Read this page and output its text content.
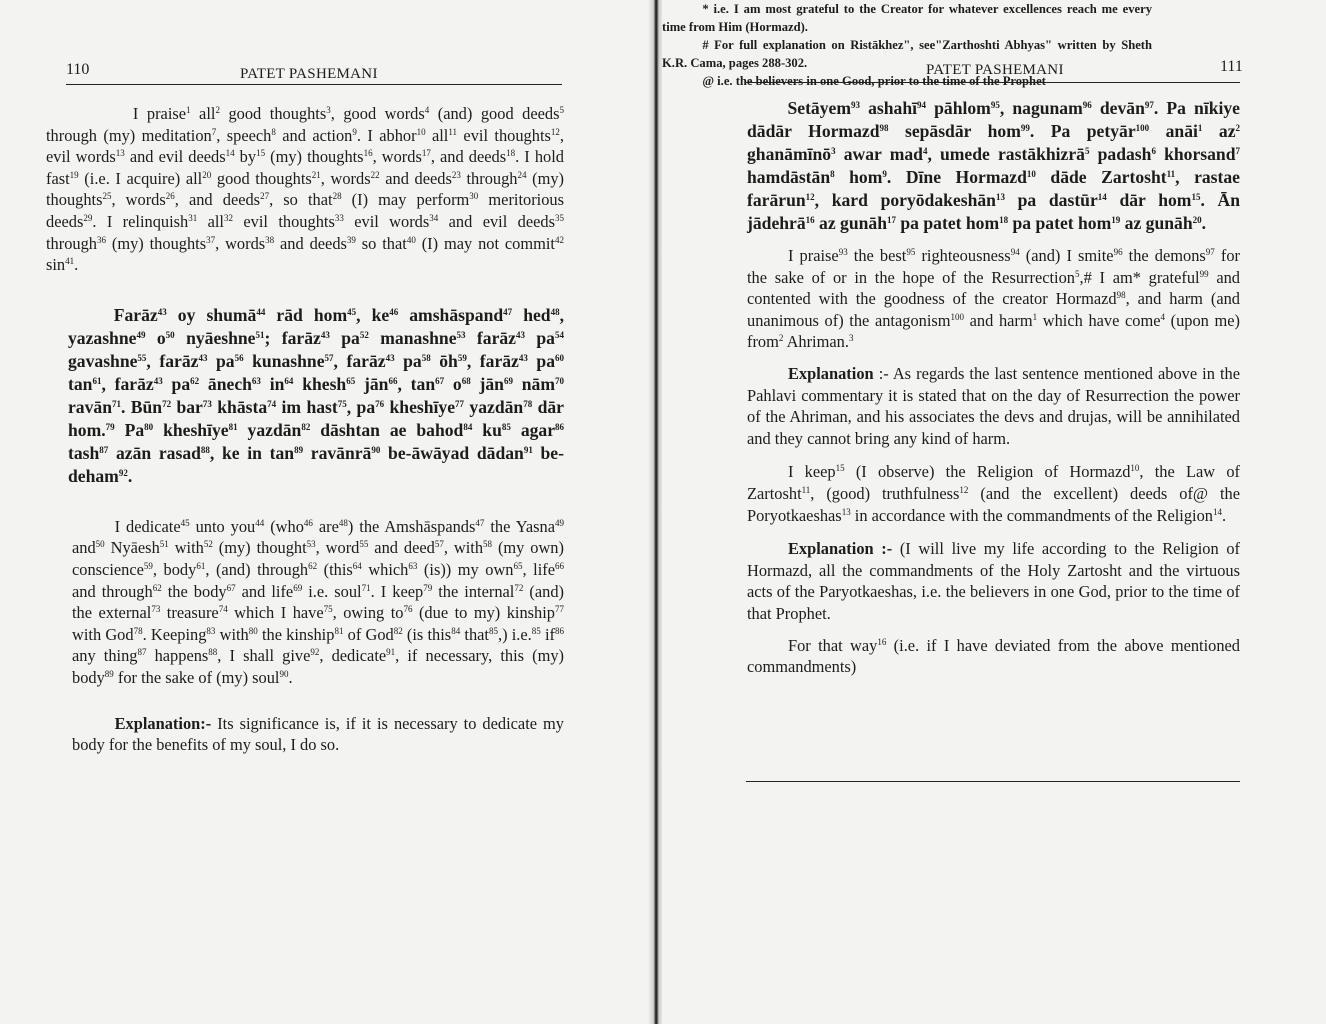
110	PATET PASHEMANI

I praise$^1$ all$^2$ good thoughts$^3$, good words$^4$ (and) good deeds$^5$ through (my) meditation$^7$, speech$^8$ and action$^9$. I abhor$^{10}$ all$^{11}$ evil thoughts$^{12}$, evil words$^{13}$ and evil deeds$^{14}$ $by^{15}$ (my) thoughts$^{16}$, words$^{17}$, and deeds$^{18}$. I hold fast$^{19}$ (i.e. I acquire) all$^{20}$ good thoughts$^{21}$, words$^{22}$ and deeds$^{23}$ through$^{24}$ (my) thoughts$^{25}$, words$^{26}$, and deeds$^{27}$, so that$^{28}$ (I) may perform$^{30}$ meritorious deeds$^{29}$. I relinquish$^{31}$ all$^{32}$ evil thoughts$^{33}$ evil words$^{34}$ and evil deeds$^{35}$ through$^{36}$ (my) thoughts$^{37}$, words$^{38}$ and deeds$^{39}$ so that$^{40}$ (I) may not commit$^{42}$ $\sin^{41}$.

Farāz$^{43}$ oy shumā$^{44}$ rād hom$^{45}$, $ke^{46}$ amshāspand$^{47}$ hed$^{48}$, yazashne$^{49}$ $o^{50}$ nyāeshne$^{51}$; farāz$^{43}$ $pa^{52}$ manashne$^{53}$ farāz$^{43}$ $pa^{54}$ gavashne$^{55}$, farāz$^{43}$ $pa^{56}$ kunashne$^{57}$, farāz$^{43}$ $pa^{58}$ $ōh^{59}$, farāz$^{43}$ $pa^{60}$ $\tan^{61}$, farāz$^{43}$ $pa^{62}$ ānech$^{63}$ $in^{64}$ khesh$^{65}$ jān$^{66}$, $\tan^{67} o^{68}$ jān$^{69}$ nām$^{70}$ ravān$^{71}$. Būn$^{72}$ bar$^{73}$ khāsta$^{74}$ im hast$^{75}$, $pa^{76}$ kheshīye$^{77}$ yazdān$^{78}$ dār hom.$^{79}$ Pa$^{80}$ kheshīye$^{81}$ yazdān$^{82}$ dāshtan ae bahod$^{84}$ $ku^{85}$ agar$^{86}$ tash$^{87}$ azān rasad$^{88}$, ke in $\tan^{89}$ ravānrā$^{90}$ be-āwāyad dādan$^{91}$ be-deham$^{92}$.

I dedicate$^{45}$ unto you$^{44}$ (who$^{46}$ are$^{48}$) the Amshāspands$^{47}$ the Yasna$^{49}$ and$^{50}$ Nyāesh$^{51}$ with$^{52}$ (my) thought$^{53}$, word$^{55}$ and deed$^{57}$, with$^{58}$ (my own) conscience$^{59}$, body$^{61}$, (and) through$^{62}$ (this$^{64}$ which$^{63}$ (is)) my own$^{65}$, life$^{66}$ and through$^{62}$ the body$^{67}$ and life$^{69}$ i.e. soul$^{71}$. I keep$^{79}$ the internal$^{72}$ (and) the external$^{73}$ treasure$^{74}$ which I have$^{75}$, owing $to^{76}$ (due to my) kinship$^{77}$ with God$^{78}$. Keeping$^{83}$ with$^{80}$ the kinship$^{81}$ of God$^{82}$ (is this$^{84}$ that$^{85}$,) i.e.$^{85}$ $if^{86}$ any thing$^{87}$ happens$^{88}$, I shall give$^{92}$, dedicate$^{91}$, if necessary, this (my) body$^{89}$ for the sake of (my) soul$^{90}$.

Explanation:- Its significance is, if it is necessary to dedicate my body for the benefits of my soul, I do so.

PATET PASHEMANI	111

Setāyem$^{93}$ ashahī$^{94}$ pāhlom$^{95}$, nagunam$^{96}$ devān$^{97}$. Pa nīkiye dādār Hormazd$^{98}$ sepāsdār hom$^{99}$. Pa petyār$^{100}$ anāi$^1$ $az^2$ ghanāmīnō$^3$ awar mad$^4$, umede rastākhizrā$^5$ padash$^6$ khorsand$^7$ hamdāstān$^8$ hom$^9$. Dīne Hormazd$^{10}$ dāde Zartosht$^{11}$, rastae farārun$^{12}$, kard poryōdakeshān$^{13}$ pa dastūr$^{14}$ dār hom$^{15}$. Ān jādehrā$^{16}$ az gunāh$^{17}$ pa patet hom$^{18}$ pa patet hom$^{19}$ az gunāh$^{20}$.

I praise$^{93}$ the best$^{95}$ righteousness$^{94}$ (and) I smite$^{96}$ the demons$^{97}$ for the sake of or in the hope of the Resurrection$^5$,# I am* grateful$^{99}$ and contented with the goodness of the creator Hormazd$^{98}$, and harm (and unanimous of) the antagonism$^{100}$ and harm$^1$ which have come$^4$ (upon me) from$^2$ Ahriman.$^3$

Explanation :- As regards the last sentence mentioned above in the Pahlavi commentary it is stated that on the day of Resurrection the power of the Ahriman, and his associates the devs and drujas, will be annihilated and they cannot bring any kind of harm.

I keep$^{15}$ (I observe) the Religion of Hormazd$^{10}$, the Law of Zartosht$^{11}$, (good) truthfulness$^{12}$ (and the excellent) deeds of@ the Poryotkaeshas$^{13}$ in accordance with the commandments of the Religion$^{14}$.

Explanation :- (I will live my life according to the Religion of Hormazd, all the commandments of the Holy Zartosht and the virtuous acts of the Paryotkaeshas, i.e. the believers in one God, prior to the time of that Prophet.

For that way$^{16}$ (i.e. if I have deviated from the above mentioned commandments)

* i.e. I am most grateful to the Creator for whatever excellences reach me every time from Him (Hormazd).

# For full explanation on Ristākhez", see"Zarthoshti Abhyas" written by Sheth K.R. Cama, pages 288-302.

@ i.e. the believers in one Good, prior to the time of the Prophet
